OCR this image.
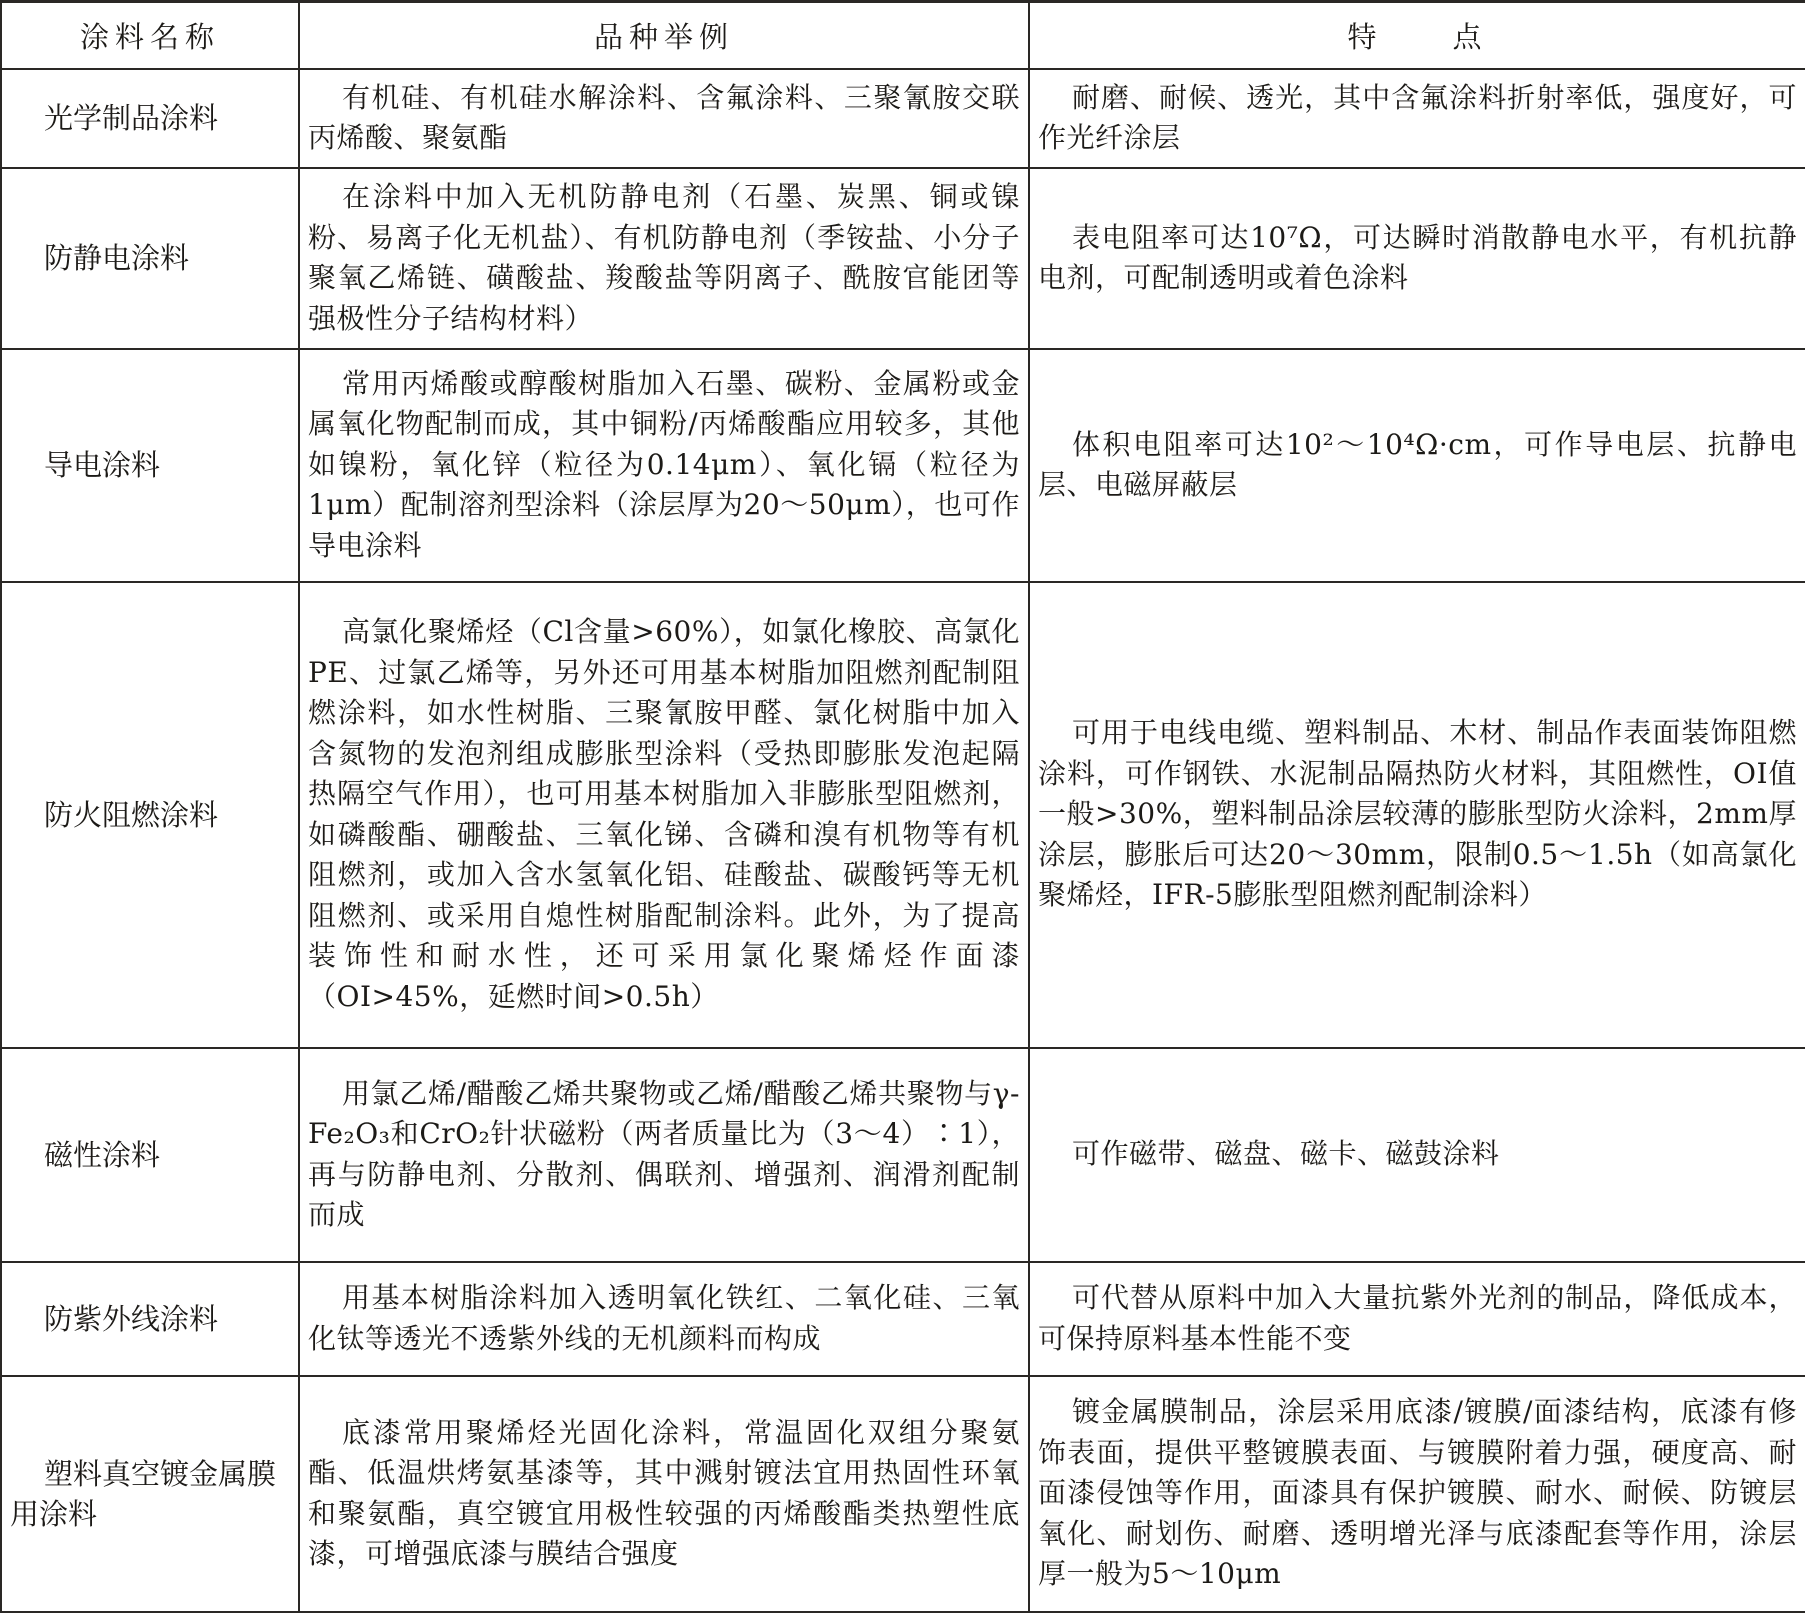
涂料名称	品种举例	特　　点
光学制品涂料	有机硅、有机硅水解涂料、含氟涂料、三聚氰胺交联丙烯酸、聚氨酯	耐磨、耐候、透光，其中含氟涂料折射率低，强度好，可作光纤涂层
防静电涂料	在涂料中加入无机防静电剂（石墨、炭黑、铜或镍粉、易离子化无机盐）、有机防静电剂（季铵盐、小分子聚氧乙烯链、磺酸盐、羧酸盐等阴离子、酰胺官能团等强极性分子结构材料）	表电阻率可达10⁷Ω，可达瞬时消散静电水平，有机抗静电剂，可配制透明或着色涂料
导电涂料	常用丙烯酸或醇酸树脂加入石墨、碳粉、金属粉或金属氧化物配制而成，其中铜粉/丙烯酸酯应用较多，其他如镍粉，氧化锌（粒径为0.14μm）、氧化镉（粒径为1μm）配制溶剂型涂料（涂层厚为20～50μm），也可作导电涂料	体积电阻率可达10²～10⁴Ω·cm，可作导电层、抗静电层、电磁屏蔽层
防火阻燃涂料	高氯化聚烯烃（Cl含量>60%），如氯化橡胶、高氯化PE、过氯乙烯等，另外还可用基本树脂加阻燃剂配制阻燃涂料，如水性树脂、三聚氰胺甲醛、氯化树脂中加入含氮物的发泡剂组成膨胀型涂料（受热即膨胀发泡起隔热隔空气作用），也可用基本树脂加入非膨胀型阻燃剂，如磷酸酯、硼酸盐、三氧化锑、含磷和溴有机物等有机阻燃剂，或加入含水氢氧化铝、硅酸盐、碳酸钙等无机阻燃剂、或采用自熄性树脂配制涂料。此外，为了提高装饰性和耐水性，还可采用氯化聚烯烃作面漆（OI>45%，延燃时间>0.5h）	可用于电线电缆、塑料制品、木材、制品作表面装饰阻燃涂料，可作钢铁、水泥制品隔热防火材料，其阻燃性，OI值一般>30%，塑料制品涂层较薄的膨胀型防火涂料，2mm厚涂层，膨胀后可达20～30mm，限制0.5～1.5h（如高氯化聚烯烃，IFR-5膨胀型阻燃剂配制涂料）
磁性涂料	用氯乙烯/醋酸乙烯共聚物或乙烯/醋酸乙烯共聚物与γ-Fe₂O₃和CrO₂针状磁粉（两者质量比为（3～4）∶1），再与防静电剂、分散剂、偶联剂、增强剂、润滑剂配制而成	可作磁带、磁盘、磁卡、磁鼓涂料
防紫外线涂料	用基本树脂涂料加入透明氧化铁红、二氧化硅、三氧化钛等透光不透紫外线的无机颜料而构成	可代替从原料中加入大量抗紫外光剂的制品，降低成本，可保持原料基本性能不变
塑料真空镀金属膜用涂料	底漆常用聚烯烃光固化涂料，常温固化双组分聚氨酯、低温烘烤氨基漆等，其中溅射镀法宜用热固性环氧和聚氨酯，真空镀宜用极性较强的丙烯酸酯类热塑性底漆，可增强底漆与膜结合强度	镀金属膜制品，涂层采用底漆/镀膜/面漆结构，底漆有修饰表面，提供平整镀膜表面、与镀膜附着力强，硬度高、耐面漆侵蚀等作用，面漆具有保护镀膜、耐水、耐候、防镀层氧化、耐划伤、耐磨、透明增光泽与底漆配套等作用，涂层厚一般为5～10μm
